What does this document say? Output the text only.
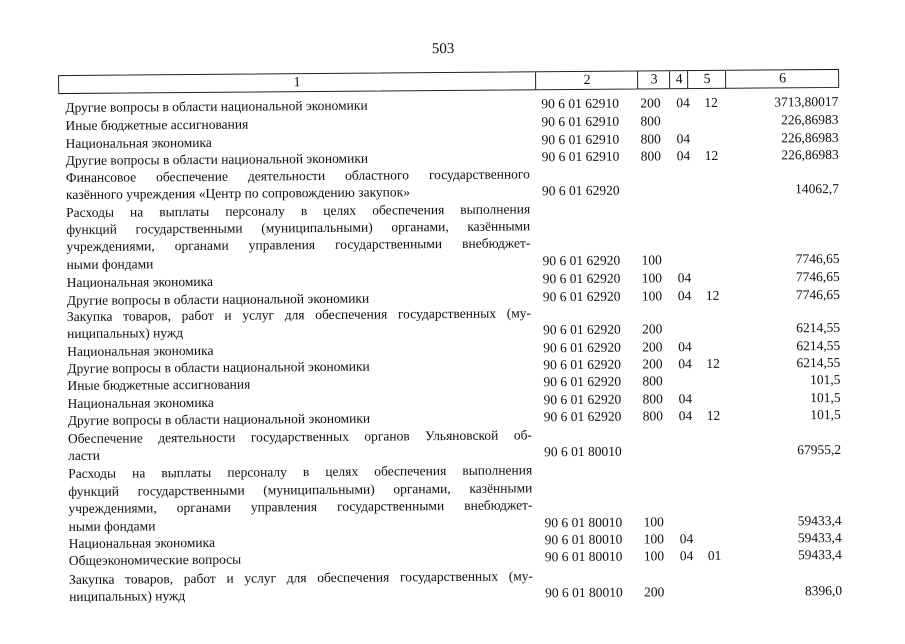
503
1	2	3	4	5	6
Другие вопросы в области национальной экономики	90 6 01 62910 200 04 12	3713,80017
Иные бюджетные ассигнования	90 6 01 62910 800	226,86983
Национальная экономика	90 6 01 62910 800 04	226,86983
Другие вопросы в области национальной экономики	90 6 01 62910 800 04 12	226,86983
Финансовое обеспечение деятельности областного государственного
казённого учреждения «Центр по сопровождению закупок»	90 6 01 62920	14062,7
Расходы на выплаты персоналу в целях обеспечения выполнения
функций государственными (муниципальными) органами, казёнными
учреждениями, органами управления государственными внебюджет-
ными фондами	90 6 01 62920 100	7746,65
Национальная экономика	90 6 01 62920 100 04	7746,65
Другие вопросы в области национальной экономики	90 6 01 62920 100 04 12	7746,65
Закупка товаров, работ и услуг для обеспечения государственных (му-
ниципальных) нужд	90 6 01 62920 200	6214,55
Национальная экономика	90 6 01 62920 200 04	6214,55
Другие вопросы в области национальной экономики	90 6 01 62920 200 04 12	6214,55
Иные бюджетные ассигнования	90 6 01 62920 800	101,5
Национальная экономика	90 6 01 62920 800 04	101,5
Другие вопросы в области национальной экономики	90 6 01 62920 800 04 12	101,5
Обеспечение деятельности государственных органов Ульяновской об-
ласти	90 6 01 80010	67955,2
Расходы на выплаты персоналу в целях обеспечения выполнения
функций государственными (муниципальными) органами, казёнными
учреждениями, органами управления государственными внебюджет-
ными фондами	90 6 01 80010 100	59433,4
Национальная экономика	90 6 01 80010 100 04	59433,4
Общеэкономические вопросы	90 6 01 80010 100 04 01	59433,4
Закупка товаров, работ и услуг для обеспечения государственных (му-
ниципальных) нужд	90 6 01 80010 200	8396,0
